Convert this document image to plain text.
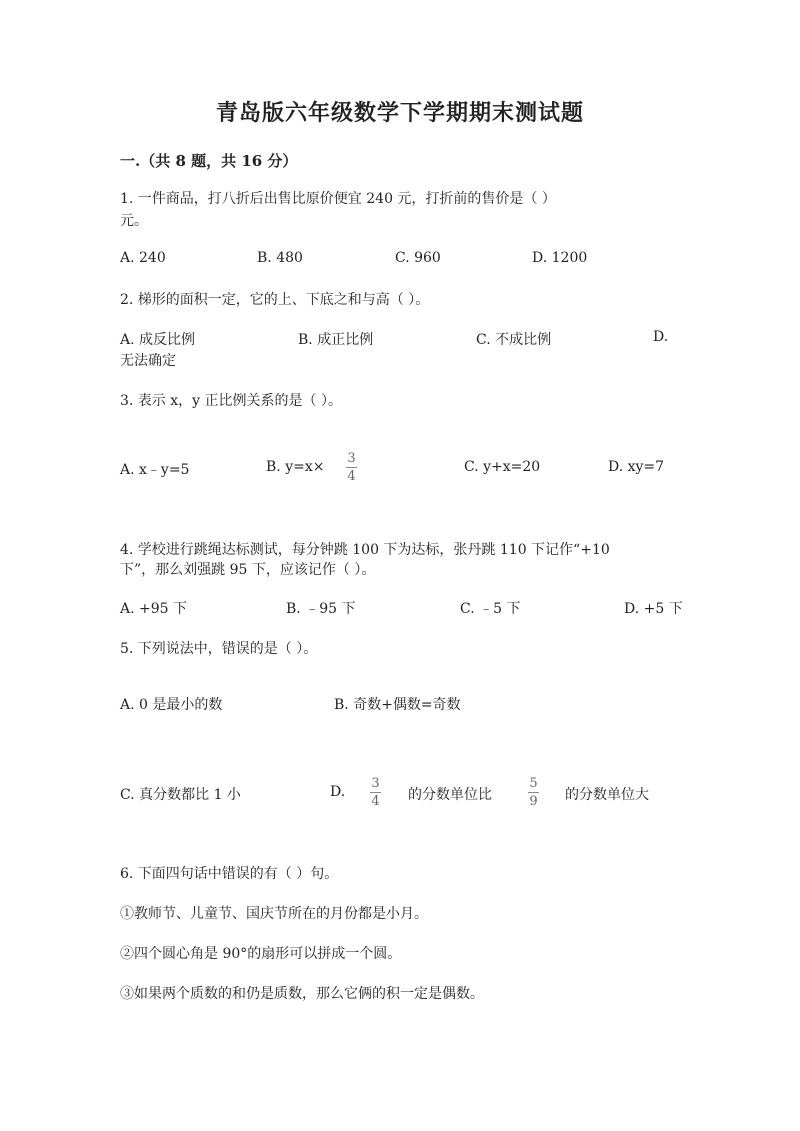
青岛版六年级数学下学期期末测试题
一.（共 8 题，共 16 分）
1. 一件商品，打八折后出售比原价便宜 240 元，打折前的售价是（ ）
元。
A. 240	B. 480	C. 960	D. 1200
2. 梯形的面积一定，它的上、下底之和与高（ ）。
A. 成反比例	B. 成正比例	C. 不成比例	D.
无法确定
3. 表示 x，y 正比例关系的是（ ）。
A. x﹣y=5	B. y=x×
3
4
C. y+x=20	D. xy=7
4. 学校进行跳绳达标测试，每分钟跳 100 下为达标，张丹跳 110 下记作“+10
下”，那么刘强跳 95 下，应该记作（ ）。
A. +95 下	B. ﹣95 下	C. ﹣5 下	D. +5 下
5. 下列说法中，错误的是（ ）。
A. 0 是最小的数	B. 奇数+偶数=奇数
C. 真分数都比 1 小	D.
3
4 的分数单位比
5
9 的分数单位大
6. 下面四句话中错误的有（ ）句。
①教师节、儿童节、国庆节所在的月份都是小月。
②四个圆心角是 90°的扇形可以拼成一个圆。
③如果两个质数的和仍是质数，那么它俩的积一定是偶数。
